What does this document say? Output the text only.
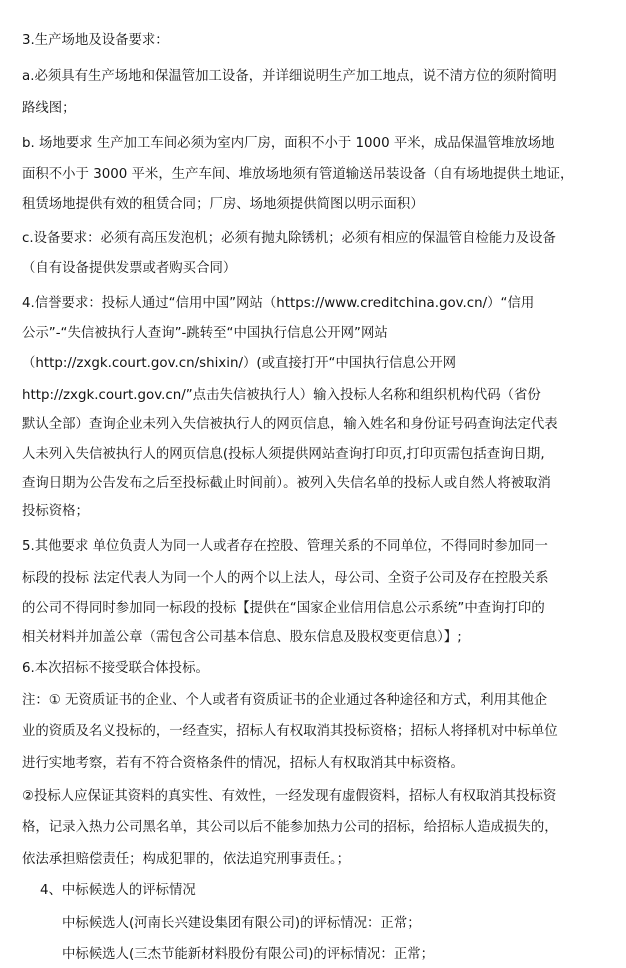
3.生产场地及设备要求：
a.必须具有生产场地和保温管加工设备，并详细说明生产加工地点，说不清方位的须附简明
路线图；
b. 场地要求 生产加工车间必须为室内厂房，面积不小于 1000 平米，成品保温管堆放场地
面积不小于 3000 平米，生产车间、堆放场地须有管道输送吊装设备（自有场地提供土地证，
租赁场地提供有效的租赁合同；厂房、场地须提供简图以明示面积）
c.设备要求：必须有高压发泡机；必须有抛丸除锈机；必须有相应的保温管自检能力及设备
（自有设备提供发票或者购买合同）
4.信誉要求：投标人通过“信用中国”网站（https://www.creditchina.gov.cn/）“信用
公示”-“失信被执行人查询”-跳转至“中国执行信息公开网”网站
（http://zxgk.court.gov.cn/shixin/）(或直接打开“中国执行信息公开网
http://zxgk.court.gov.cn/”点击失信被执行人）输入投标人名称和组织机构代码（省份
默认全部）查询企业未列入失信被执行人的网页信息，输入姓名和身份证号码查询法定代表
人未列入失信被执行人的网页信息(投标人须提供网站查询打印页,打印页需包括查询日期,
查询日期为公告发布之后至投标截止时间前）。被列入失信名单的投标人或自然人将被取消
投标资格；
5.其他要求 单位负责人为同一人或者存在控股、管理关系的不同单位，不得同时参加同一
标段的投标 法定代表人为同一个人的两个以上法人，母公司、全资子公司及存在控股关系
的公司不得同时参加同一标段的投标【提供在“国家企业信用信息公示系统”中查询打印的
相关材料并加盖公章（需包含公司基本信息、股东信息及股权变更信息）】;
6.本次招标不接受联合体投标。
注：① 无资质证书的企业、个人或者有资质证书的企业通过各种途径和方式，利用其他企
业的资质及名义投标的，一经查实，招标人有权取消其投标资格；招标人将择机对中标单位
进行实地考察，若有不符合资格条件的情况，招标人有权取消其中标资格。
②投标人应保证其资料的真实性、有效性，一经发现有虚假资料，招标人有权取消其投标资
格，记录入热力公司黑名单，其公司以后不能参加热力公司的招标，给招标人造成损失的，
依法承担赔偿责任；构成犯罪的，依法追究刑事责任。；
4、中标候选人的评标情况
中标候选人(河南长兴建设集团有限公司)的评标情况：正常；
中标候选人(三杰节能新材料股份有限公司)的评标情况：正常；
